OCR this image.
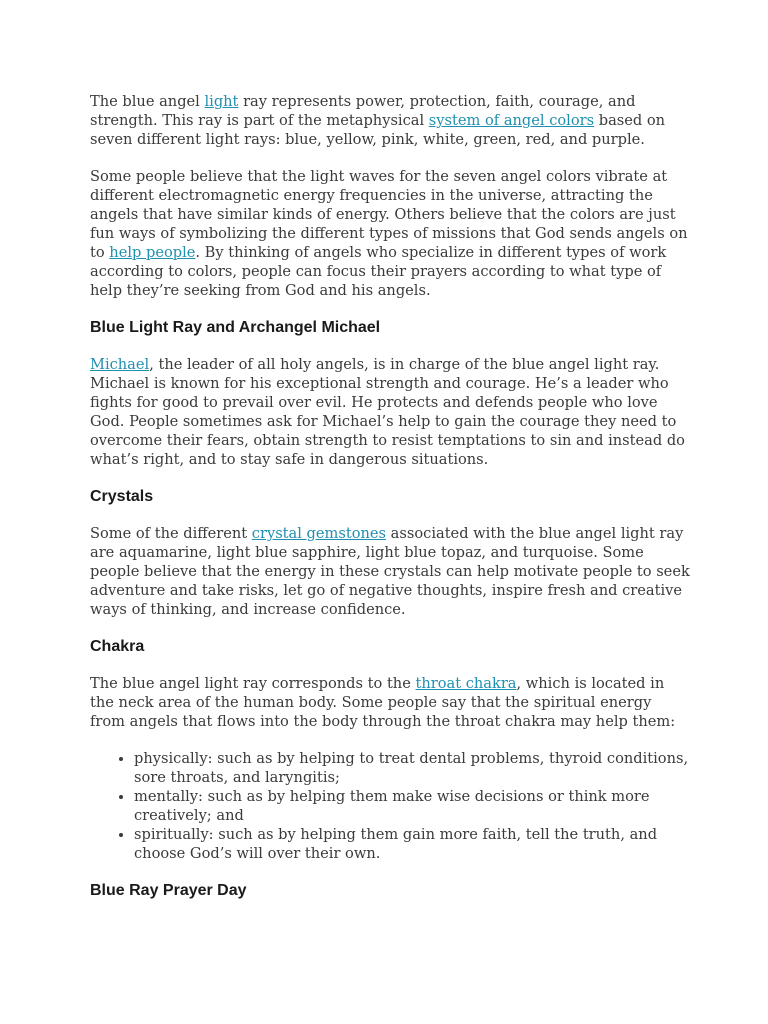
The blue angel light ray represents power, protection, faith, courage, and strength. This ray is part of the metaphysical system of angel colors based on seven different light rays: blue, yellow, pink, white, green, red, and purple.

Some people believe that the light waves for the seven angel colors vibrate at different electromagnetic energy frequencies in the universe, attracting the angels that have similar kinds of energy. Others believe that the colors are just fun ways of symbolizing the different types of missions that God sends angels on to help people. By thinking of angels who specialize in different types of work according to colors, people can focus their prayers according to what type of help they’re seeking from God and his angels.

Blue Light Ray and Archangel Michael

Michael, the leader of all holy angels, is in charge of the blue angel light ray. Michael is known for his exceptional strength and courage. He’s a leader who fights for good to prevail over evil. He protects and defends people who love God. People sometimes ask for Michael’s help to gain the courage they need to overcome their fears, obtain strength to resist temptations to sin and instead do what’s right, and to stay safe in dangerous situations.

Crystals

Some of the different crystal gemstones associated with the blue angel light ray are aquamarine, light blue sapphire, light blue topaz, and turquoise. Some people believe that the energy in these crystals can help motivate people to seek adventure and take risks, let go of negative thoughts, inspire fresh and creative ways of thinking, and increase confidence.

Chakra

The blue angel light ray corresponds to the throat chakra, which is located in the neck area of the human body. Some people say that the spiritual energy from angels that flows into the body through the throat chakra may help them:

• physically: such as by helping to treat dental problems, thyroid conditions, sore throats, and laryngitis;
• mentally: such as by helping them make wise decisions or think more creatively; and
• spiritually: such as by helping them gain more faith, tell the truth, and choose God’s will over their own.
Blue Ray Prayer Day
